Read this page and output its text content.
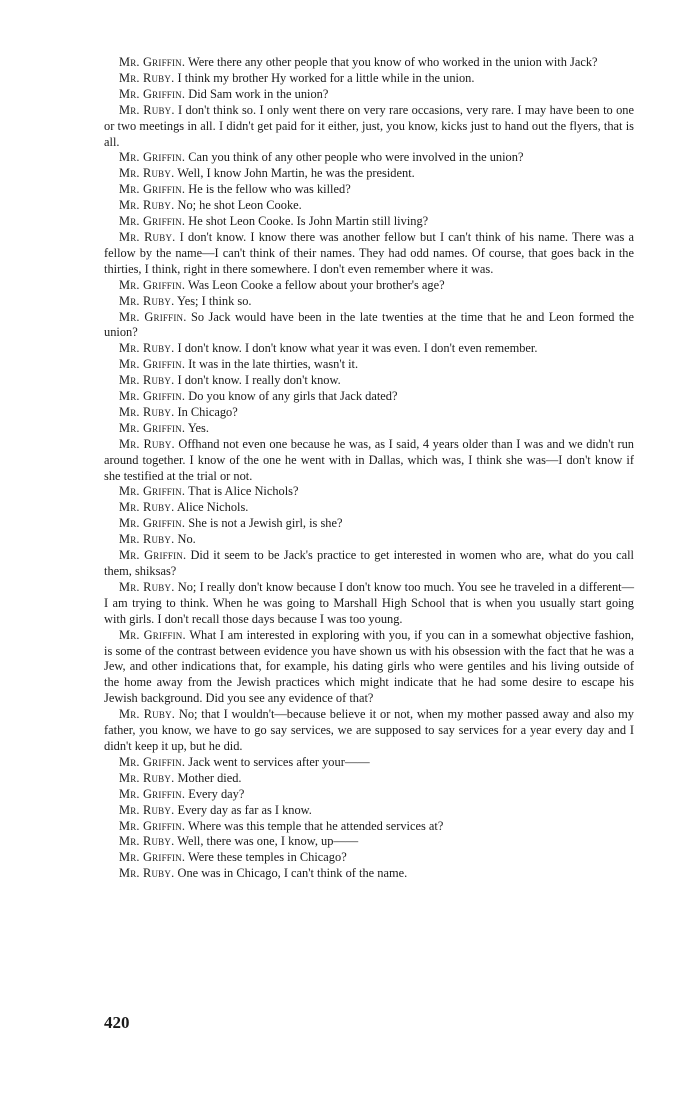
Mr. Griffin. Were there any other people that you know of who worked in the union with Jack?

Mr. Ruby. I think my brother Hy worked for a little while in the union.

Mr. Griffin. Did Sam work in the union?

Mr. Ruby. I don't think so. I only went there on very rare occasions, very rare. I may have been to one or two meetings in all. I didn't get paid for it either, just, you know, kicks just to hand out the flyers, that is all.

Mr. Griffin. Can you think of any other people who were involved in the union?

Mr. Ruby. Well, I know John Martin, he was the president.

Mr. Griffin. He is the fellow who was killed?

Mr. Ruby. No; he shot Leon Cooke.

Mr. Griffin. He shot Leon Cooke. Is John Martin still living?

Mr. Ruby. I don't know. I know there was another fellow but I can't think of his name. There was a fellow by the name—I can't think of their names. They had odd names. Of course, that goes back in the thirties, I think, right in there somewhere. I don't even remember where it was.

Mr. Griffin. Was Leon Cooke a fellow about your brother's age?

Mr. Ruby. Yes; I think so.

Mr. Griffin. So Jack would have been in the late twenties at the time that he and Leon formed the union?

Mr. Ruby. I don't know. I don't know what year it was even. I don't even remember.

Mr. Griffin. It was in the late thirties, wasn't it.

Mr. Ruby. I don't know. I really don't know.

Mr. Griffin. Do you know of any girls that Jack dated?

Mr. Ruby. In Chicago?

Mr. Griffin. Yes.

Mr. Ruby. Offhand not even one because he was, as I said, 4 years older than I was and we didn't run around together. I know of the one he went with in Dallas, which was, I think she was—I don't know if she testified at the trial or not.

Mr. Griffin. That is Alice Nichols?

Mr. Ruby. Alice Nichols.

Mr. Griffin. She is not a Jewish girl, is she?

Mr. Ruby. No.

Mr. Griffin. Did it seem to be Jack's practice to get interested in women who are, what do you call them, shiksas?

Mr. Ruby. No; I really don't know because I don't know too much. You see he traveled in a different—I am trying to think. When he was going to Marshall High School that is when you usually start going with girls. I don't recall those days because I was too young.

Mr. Griffin. What I am interested in exploring with you, if you can in a somewhat objective fashion, is some of the contrast between evidence you have shown us with his obsession with the fact that he was a Jew, and other indications that, for example, his dating girls who were gentiles and his living outside of the home away from the Jewish practices which might indicate that he had some desire to escape his Jewish background. Did you see any evidence of that?

Mr. Ruby. No; that I wouldn't—because believe it or not, when my mother passed away and also my father, you know, we have to go say services, we are supposed to say services for a year every day and I didn't keep it up, but he did.

Mr. Griffin. Jack went to services after your——

Mr. Ruby. Mother died.

Mr. Griffin. Every day?

Mr. Ruby. Every day as far as I know.

Mr. Griffin. Where was this temple that he attended services at?

Mr. Ruby. Well, there was one, I know, up——

Mr. Griffin. Were these temples in Chicago?

Mr. Ruby. One was in Chicago, I can't think of the name.

420
